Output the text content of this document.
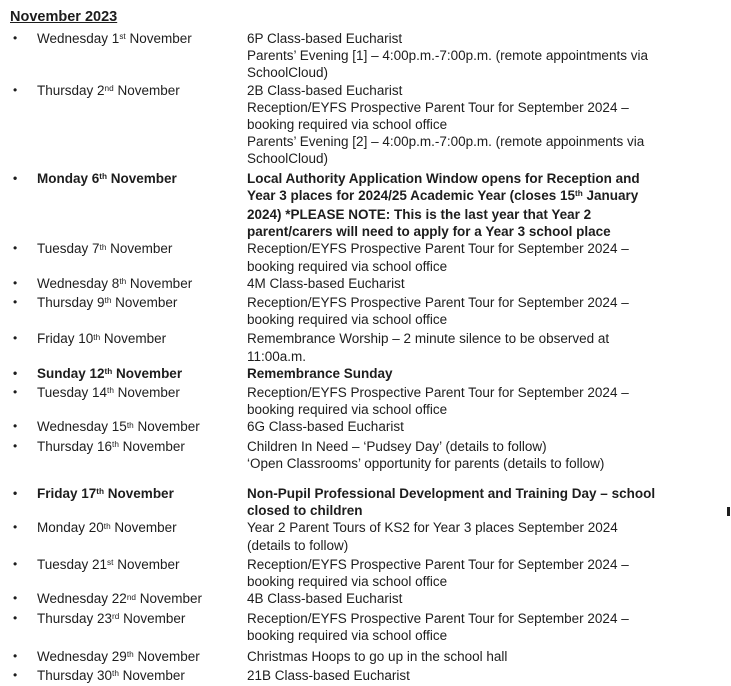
November 2023
•	Wednesday 1st November	6P Class-based Eucharist
Parents’ Evening [1] – 4:00p.m.-7:00p.m. (remote appointments via
SchoolCloud)
•	Thursday 2nd November	2B Class-based Eucharist
Reception/EYFS Prospective Parent Tour for September 2024 –
booking required via school office
Parents’ Evening [2] – 4:00p.m.-7:00p.m. (remote appoinments via
SchoolCloud)
•	Monday 6th November	Local Authority Application Window opens for Reception and
Year 3 places for 2024/25 Academic Year (closes 15th January
2024) *PLEASE NOTE: This is the last year that Year 2
parent/carers will need to apply for a Year 3 school place
•	Tuesday 7th November	Reception/EYFS Prospective Parent Tour for September 2024 –
booking required via school office
•	Wednesday 8th November	4M Class-based Eucharist
•	Thursday 9th November	Reception/EYFS Prospective Parent Tour for September 2024 –
booking required via school office
•	Friday 10th November	Remembrance Worship – 2 minute silence to be observed at
11:00a.m.
•	Sunday 12th November	Remembrance Sunday
•	Tuesday 14th November	Reception/EYFS Prospective Parent Tour for September 2024 –
booking required via school office
•	Wednesday 15th November	6G Class-based Eucharist
•	Thursday 16th November	Children In Need – ‘Pudsey Day’ (details to follow)
‘Open Classrooms’ opportunity for parents (details to follow)
•	Friday 17th November	Non-Pupil Professional Development and Training Day – school
closed to children
•	Monday 20th November	Year 2 Parent Tours of KS2 for Year 3 places September 2024
(details to follow)
•	Tuesday 21st November	Reception/EYFS Prospective Parent Tour for September 2024 –
booking required via school office
•	Wednesday 22nd November	4B Class-based Eucharist
•	Thursday 23rd November	Reception/EYFS Prospective Parent Tour for September 2024 –
booking required via school office
•	Wednesday 29th November	Christmas Hoops to go up in the school hall
•	Thursday 30th November	21B Class-based Eucharist
